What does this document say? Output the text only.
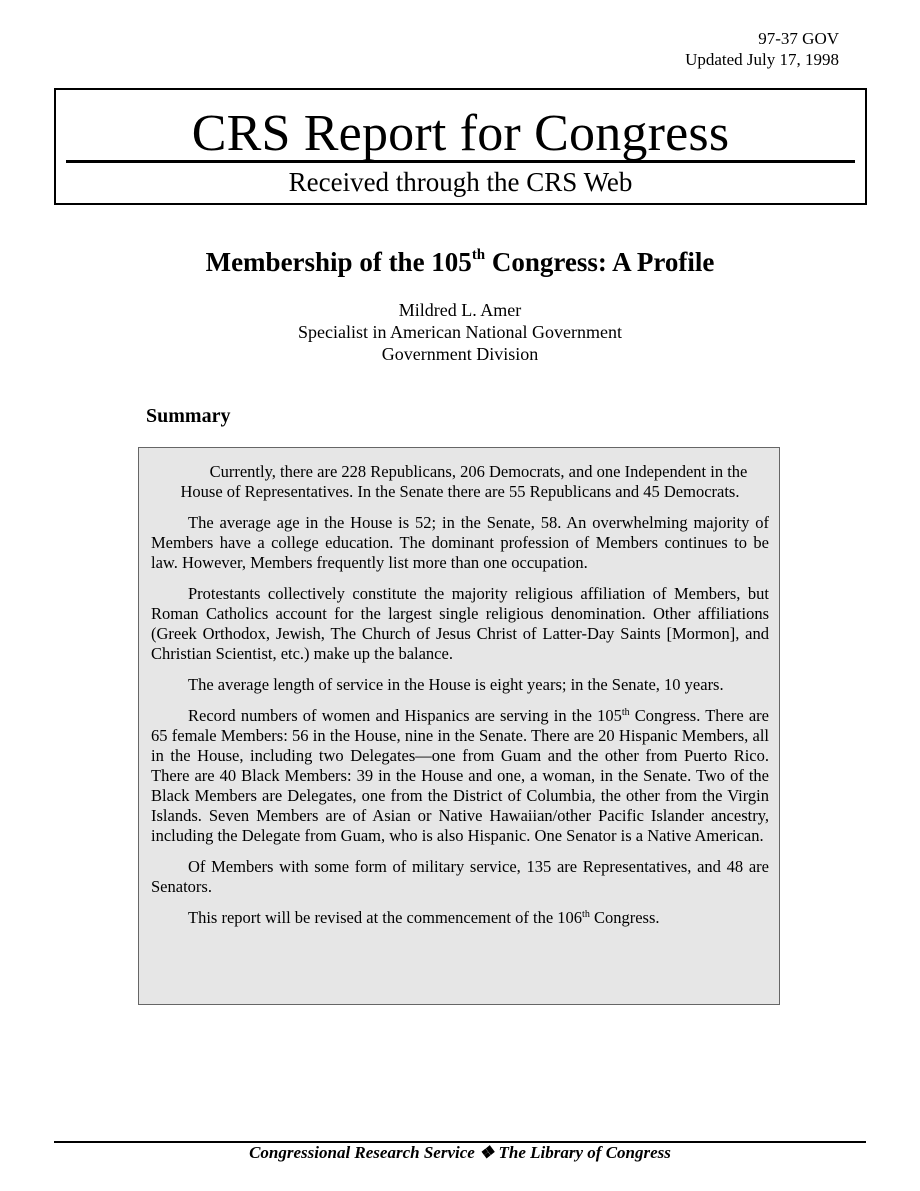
97-37 GOV
Updated July 17, 1998
CRS Report for Congress
Received through the CRS Web
Membership of the 105th Congress: A Profile
Mildred L. Amer
Specialist in American National Government
Government Division
Summary

Currently, there are 228 Republicans, 206 Democrats, and one Independent in the House of Representatives. In the Senate there are 55 Republicans and 45 Democrats.

The average age in the House is 52; in the Senate, 58. An overwhelming majority of Members have a college education. The dominant profession of Members continues to be law. However, Members frequently list more than one occupation.

Protestants collectively constitute the majority religious affiliation of Members, but Roman Catholics account for the largest single religious denomination. Other affiliations (Greek Orthodox, Jewish, The Church of Jesus Christ of Latter-Day Saints [Mormon], and Christian Scientist, etc.) make up the balance.

The average length of service in the House is eight years; in the Senate, 10 years.

Record numbers of women and Hispanics are serving in the 105th Congress. There are 65 female Members: 56 in the House, nine in the Senate. There are 20 Hispanic Members, all in the House, including two Delegates—one from Guam and the other from Puerto Rico. There are 40 Black Members: 39 in the House and one, a woman, in the Senate. Two of the Black Members are Delegates, one from the District of Columbia, the other from the Virgin Islands. Seven Members are of Asian or Native Hawaiian/other Pacific Islander ancestry, including the Delegate from Guam, who is also Hispanic. One Senator is a Native American.

Of Members with some form of military service, 135 are Representatives, and 48 are Senators.

This report will be revised at the commencement of the 106th Congress.

Congressional Research Service ❖ The Library of Congress
